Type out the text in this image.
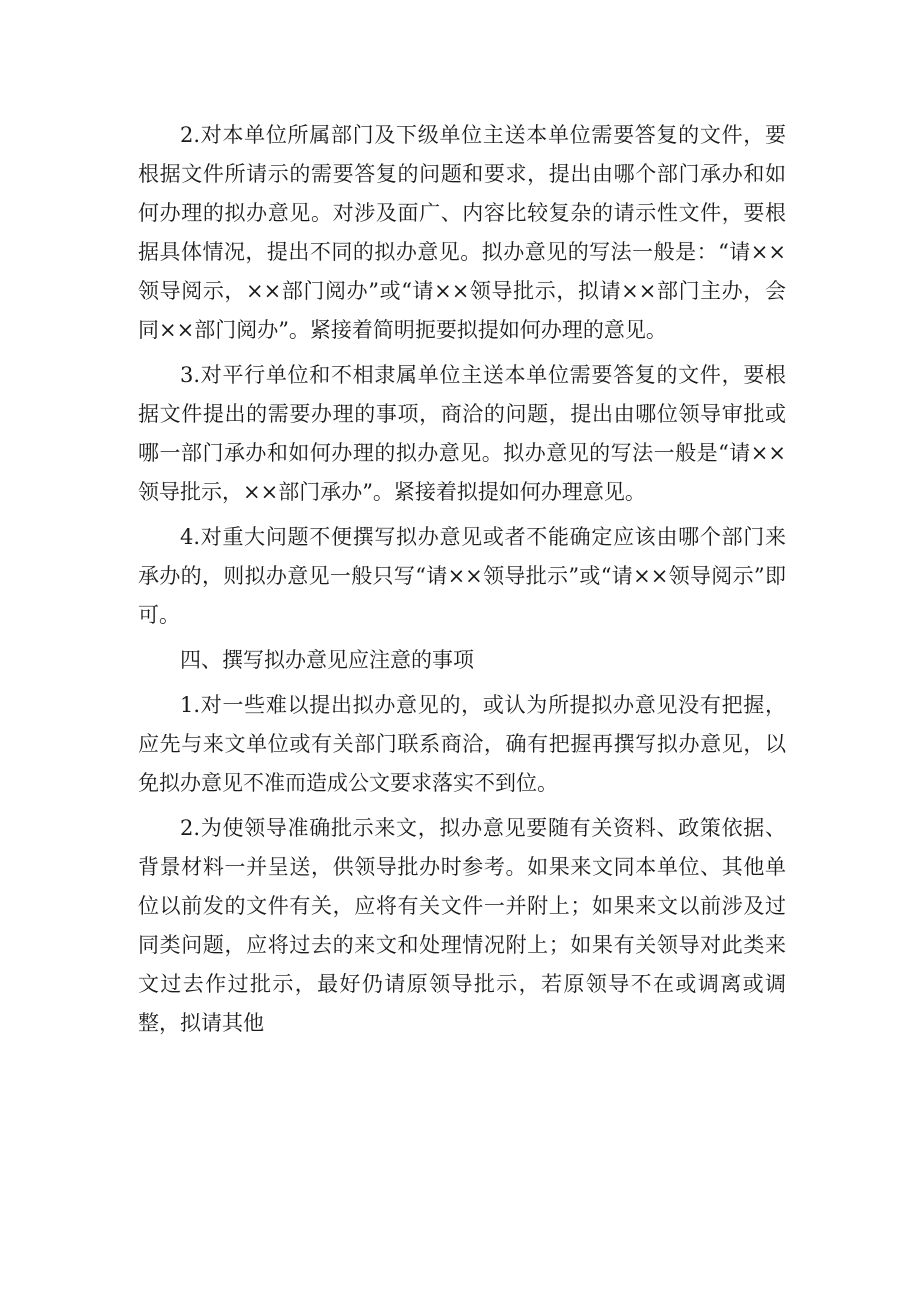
2.对本单位所属部门及下级单位主送本单位需要答复的文件，要根据文件所请示的需要答复的问题和要求，提出由哪个部门承办和如何办理的拟办意见。对涉及面广、内容比较复杂的请示性文件，要根据具体情况，提出不同的拟办意见。拟办意见的写法一般是：“请××领导阅示，××部门阅办”或“请××领导批示，拟请××部门主办，会同××部门阅办”。紧接着简明扼要拟提如何办理的意见。

3.对平行单位和不相隶属单位主送本单位需要答复的文件，要根据文件提出的需要办理的事项，商洽的问题，提出由哪位领导审批或哪一部门承办和如何办理的拟办意见。拟办意见的写法一般是“请××领导批示，××部门承办”。紧接着拟提如何办理意见。

4.对重大问题不便撰写拟办意见或者不能确定应该由哪个部门来承办的，则拟办意见一般只写“请××领导批示”或“请××领导阅示”即可。

四、撰写拟办意见应注意的事项

1.对一些难以提出拟办意见的，或认为所提拟办意见没有把握，应先与来文单位或有关部门联系商洽，确有把握再撰写拟办意见，以免拟办意见不准而造成公文要求落实不到位。

2.为使领导准确批示来文，拟办意见要随有关资料、政策依据、背景材料一并呈送，供领导批办时参考。如果来文同本单位、其他单位以前发的文件有关，应将有关文件一并附上；如果来文以前涉及过同类问题，应将过去的来文和处理情况附上；如果有关领导对此类来文过去作过批示，最好仍请原领导批示，若原领导不在或调离或调整，拟请其他
